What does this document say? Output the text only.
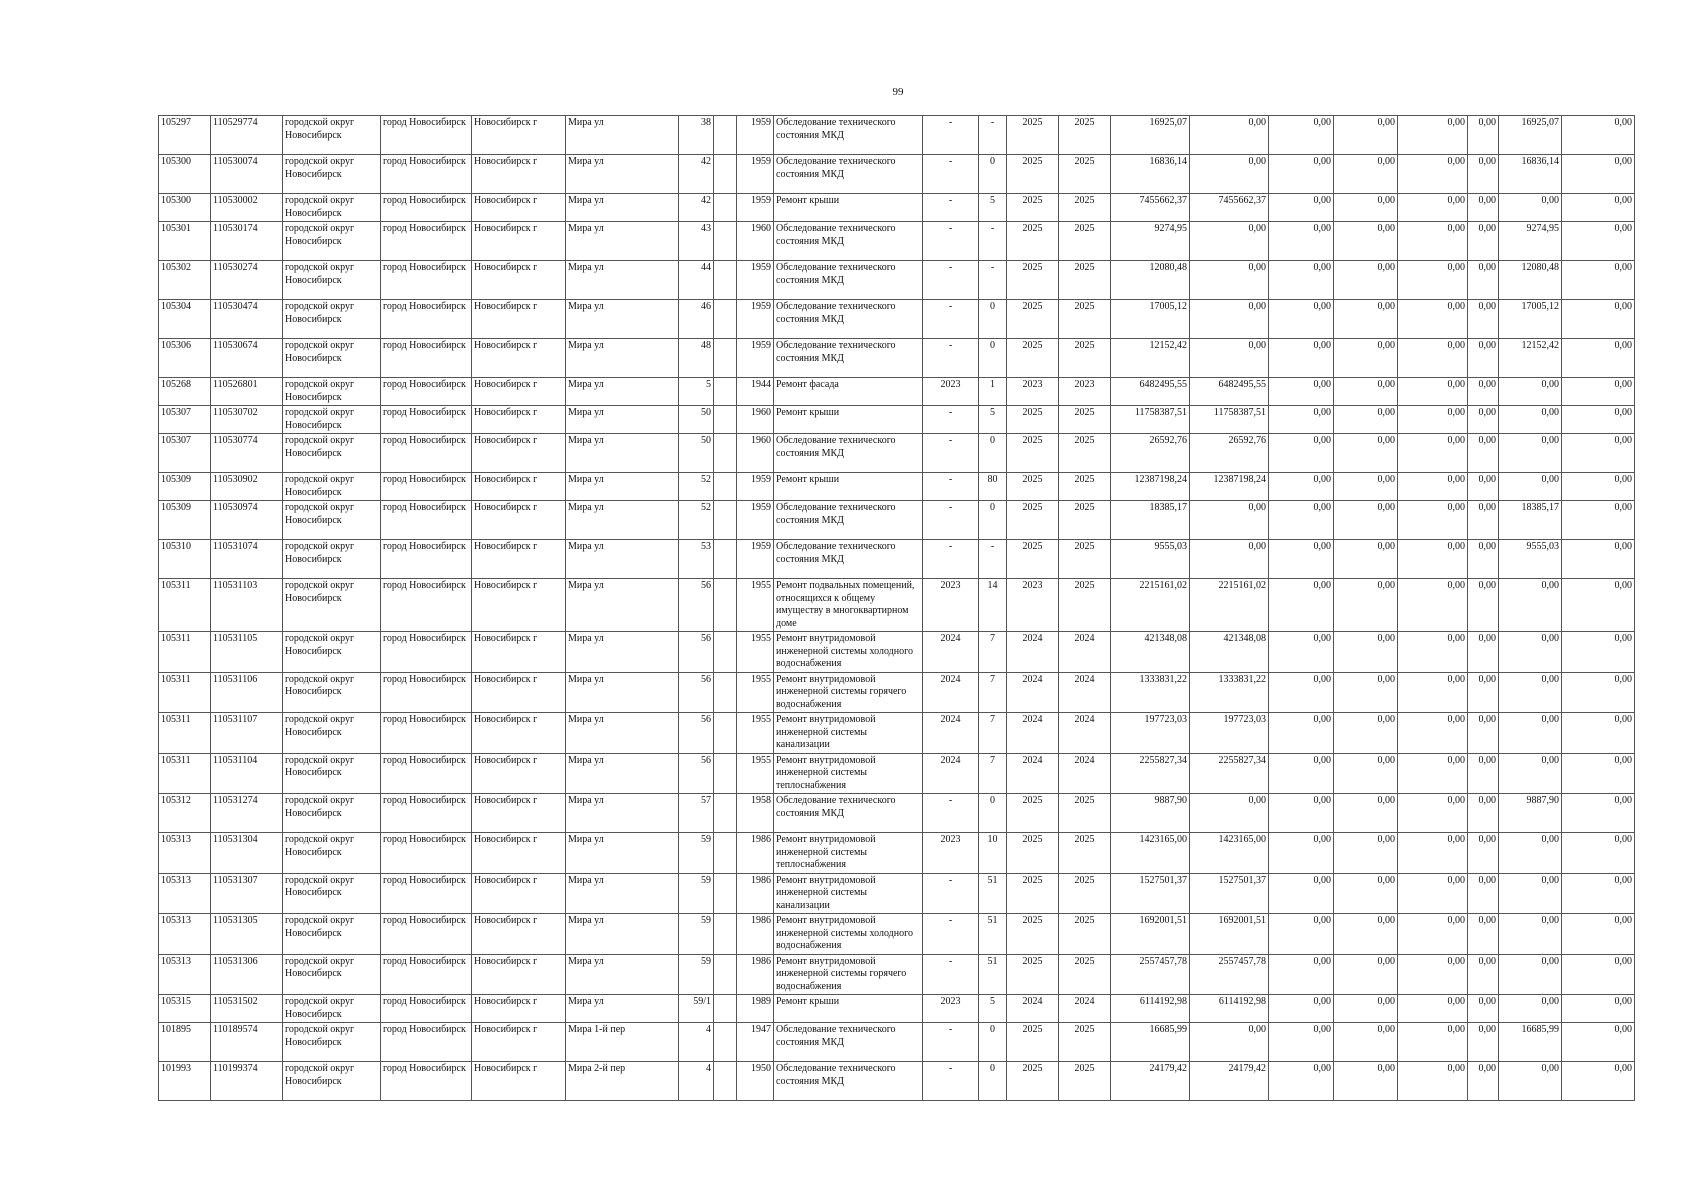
99
105297	110529774	городской округ Новосибирск	город Новосибирск	Новосибирск г	Мира ул	38		1959	Обследование технического состояния МКД	-	-	2025	2025	16925,07	0,00	0,00	0,00	0,00	0,00	16925,07	0,00
105300	110530074	городской округ Новосибирск	город Новосибирск	Новосибирск г	Мира ул	42		1959	Обследование технического состояния МКД	-	0	2025	2025	16836,14	0,00	0,00	0,00	0,00	0,00	16836,14	0,00
105300	110530002	городской округ Новосибирск	город Новосибирск	Новосибирск г	Мира ул	42		1959	Ремонт крыши	-	5	2025	2025	7455662,37	7455662,37	0,00	0,00	0,00	0,00	0,00	0,00
105301	110530174	городской округ Новосибирск	город Новосибирск	Новосибирск г	Мира ул	43		1960	Обследование технического состояния МКД	-	-	2025	2025	9274,95	0,00	0,00	0,00	0,00	0,00	9274,95	0,00
105302	110530274	городской округ Новосибирск	город Новосибирск	Новосибирск г	Мира ул	44		1959	Обследование технического состояния МКД	-	-	2025	2025	12080,48	0,00	0,00	0,00	0,00	0,00	12080,48	0,00
105304	110530474	городской округ Новосибирск	город Новосибирск	Новосибирск г	Мира ул	46		1959	Обследование технического состояния МКД	-	0	2025	2025	17005,12	0,00	0,00	0,00	0,00	0,00	17005,12	0,00
105306	110530674	городской округ Новосибирск	город Новосибирск	Новосибирск г	Мира ул	48		1959	Обследование технического состояния МКД	-	0	2025	2025	12152,42	0,00	0,00	0,00	0,00	0,00	12152,42	0,00
105268	110526801	городской округ Новосибирск	город Новосибирск	Новосибирск г	Мира ул	5		1944	Ремонт фасада	2023	1	2023	2023	6482495,55	6482495,55	0,00	0,00	0,00	0,00	0,00	0,00
105307	110530702	городской округ Новосибирск	город Новосибирск	Новосибирск г	Мира ул	50		1960	Ремонт крыши	-	5	2025	2025	11758387,51	11758387,51	0,00	0,00	0,00	0,00	0,00	0,00
105307	110530774	городской округ Новосибирск	город Новосибирск	Новосибирск г	Мира ул	50		1960	Обследование технического состояния МКД	-	0	2025	2025	26592,76	26592,76	0,00	0,00	0,00	0,00	0,00	0,00
105309	110530902	городской округ Новосибирск	город Новосибирск	Новосибирск г	Мира ул	52		1959	Ремонт крыши	-	80	2025	2025	12387198,24	12387198,24	0,00	0,00	0,00	0,00	0,00	0,00
105309	110530974	городской округ Новосибирск	город Новосибирск	Новосибирск г	Мира ул	52		1959	Обследование технического состояния МКД	-	0	2025	2025	18385,17	0,00	0,00	0,00	0,00	0,00	18385,17	0,00
105310	110531074	городской округ Новосибирск	город Новосибирск	Новосибирск г	Мира ул	53		1959	Обследование технического состояния МКД	-	-	2025	2025	9555,03	0,00	0,00	0,00	0,00	0,00	9555,03	0,00
105311	110531103	городской округ Новосибирск	город Новосибирск	Новосибирск г	Мира ул	56		1955	Ремонт подвальных помещений, относящихся к общему имуществу в многоквартирном доме	2023	14	2023	2025	2215161,02	2215161,02	0,00	0,00	0,00	0,00	0,00	0,00
105311	110531105	городской округ Новосибирск	город Новосибирск	Новосибирск г	Мира ул	56		1955	Ремонт внутридомовой инженерной системы холодного водоснабжения	2024	7	2024	2024	421348,08	421348,08	0,00	0,00	0,00	0,00	0,00	0,00
105311	110531106	городской округ Новосибирск	город Новосибирск	Новосибирск г	Мира ул	56		1955	Ремонт внутридомовой инженерной системы горячего водоснабжения	2024	7	2024	2024	1333831,22	1333831,22	0,00	0,00	0,00	0,00	0,00	0,00
105311	110531107	городской округ Новосибирск	город Новосибирск	Новосибирск г	Мира ул	56		1955	Ремонт внутридомовой инженерной системы канализации	2024	7	2024	2024	197723,03	197723,03	0,00	0,00	0,00	0,00	0,00	0,00
105311	110531104	городской округ Новосибирск	город Новосибирск	Новосибирск г	Мира ул	56		1955	Ремонт внутридомовой инженерной системы теплоснабжения	2024	7	2024	2024	2255827,34	2255827,34	0,00	0,00	0,00	0,00	0,00	0,00
105312	110531274	городской округ Новосибирск	город Новосибирск	Новосибирск г	Мира ул	57		1958	Обследование технического состояния МКД	-	0	2025	2025	9887,90	0,00	0,00	0,00	0,00	0,00	9887,90	0,00
105313	110531304	городской округ Новосибирск	город Новосибирск	Новосибирск г	Мира ул	59		1986	Ремонт внутридомовой инженерной системы теплоснабжения	2023	10	2025	2025	1423165,00	1423165,00	0,00	0,00	0,00	0,00	0,00	0,00
105313	110531307	городской округ Новосибирск	город Новосибирск	Новосибирск г	Мира ул	59		1986	Ремонт внутридомовой инженерной системы канализации	-	51	2025	2025	1527501,37	1527501,37	0,00	0,00	0,00	0,00	0,00	0,00
105313	110531305	городской округ Новосибирск	город Новосибирск	Новосибирск г	Мира ул	59		1986	Ремонт внутридомовой инженерной системы холодного водоснабжения	-	51	2025	2025	1692001,51	1692001,51	0,00	0,00	0,00	0,00	0,00	0,00
105313	110531306	городской округ Новосибирск	город Новосибирск	Новосибирск г	Мира ул	59		1986	Ремонт внутридомовой инженерной системы горячего водоснабжения	-	51	2025	2025	2557457,78	2557457,78	0,00	0,00	0,00	0,00	0,00	0,00
105315	110531502	городской округ Новосибирск	город Новосибирск	Новосибирск г	Мира ул	59/1		1989	Ремонт крыши	2023	5	2024	2024	6114192,98	6114192,98	0,00	0,00	0,00	0,00	0,00	0,00
101895	110189574	городской округ Новосибирск	город Новосибирск	Новосибирск г	Мира 1-й пер	4		1947	Обследование технического состояния МКД	-	0	2025	2025	16685,99	0,00	0,00	0,00	0,00	0,00	16685,99	0,00
101993	110199374	городской округ Новосибирск	город Новосибирск	Новосибирск г	Мира 2-й пер	4		1950	Обследование технического состояния МКД	-	0	2025	2025	24179,42	24179,42	0,00	0,00	0,00	0,00	0,00	0,00
